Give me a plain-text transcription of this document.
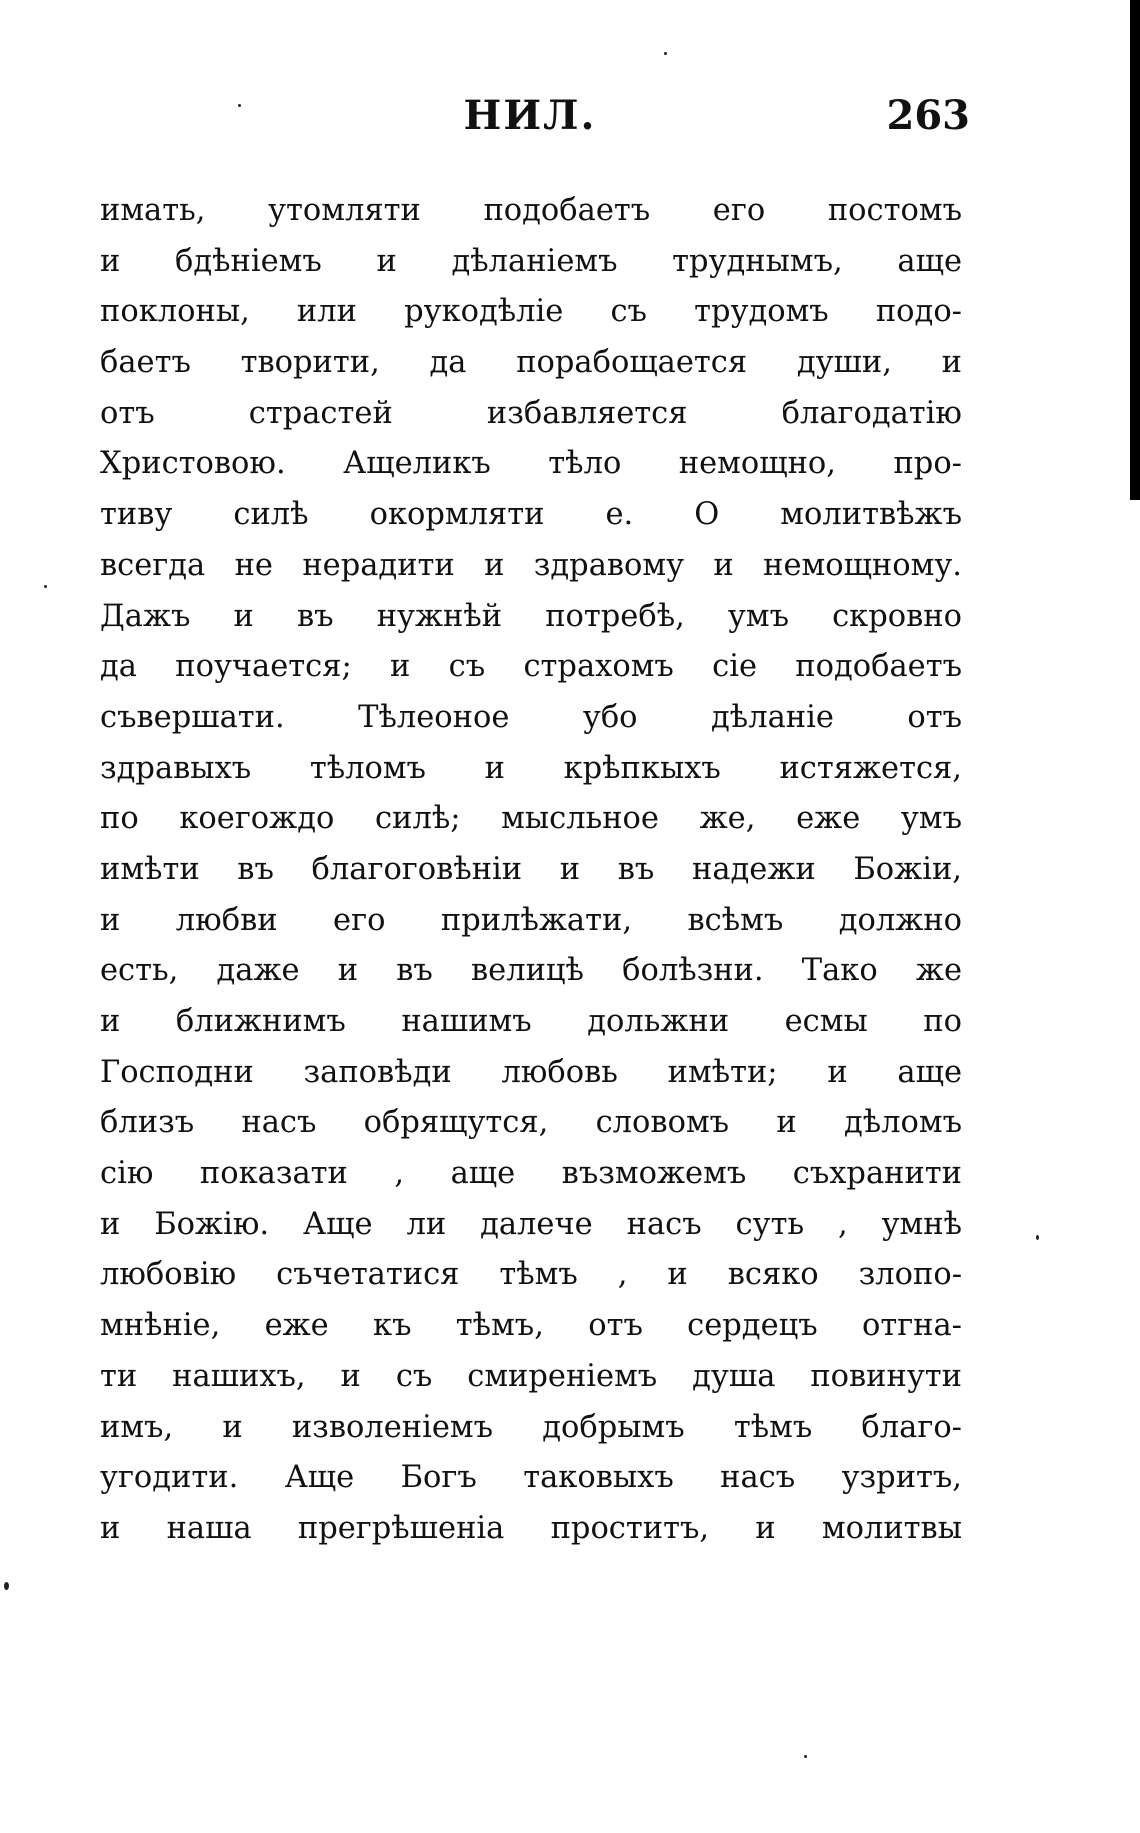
НИЛ.	263
имать, утомляти подобаетъ его постомъ
и бдѣніемъ и дѣланіемъ труднымъ, аще
поклоны, или рукодѣліе съ трудомъ подо-
баетъ творити, да порабощается души, и
отъ страстей избавляется благодатію
Христовою. Ащеликъ тѣло немощно, про-
тиву силѣ окормляти е. О молитвѣжъ
всегда не нерадити и здравому и немощному.
Дажъ и въ нужнѣй потребѣ, умъ скровно
да поучается; и съ страхомъ сіе подобаетъ
съвершати. Тѣлеоное убо дѣланіе отъ
здравыхъ тѣломъ и крѣпкыхъ истяжется,
по коегождо силѣ; мысльное же, еже умъ
имѣти въ благоговѣніи и въ надежи Божіи,
и любви его прилѣжати, всѣмъ должно
есть, даже и въ велицѣ болѣзни. Тако же
и ближнимъ нашимъ дольжни есмы по
Господни заповѣди любовь имѣти; и аще
близъ насъ обрящутся, словомъ и дѣломъ
сію показати , аще възможемъ съхранити
и Божію. Аще ли далече насъ суть , умнѣ
любовію съчетатися тѣмъ , и всяко злопо-
мнѣніе, еже къ тѣмъ, отъ сердецъ отгна-
ти нашихъ, и съ смиреніемъ душа повинути
имъ, и изволеніемъ добрымъ тѣмъ благо-
угодити. Аще Богъ таковыхъ насъ узритъ,
и наша прегрѣшеніа проститъ, и молитвы
